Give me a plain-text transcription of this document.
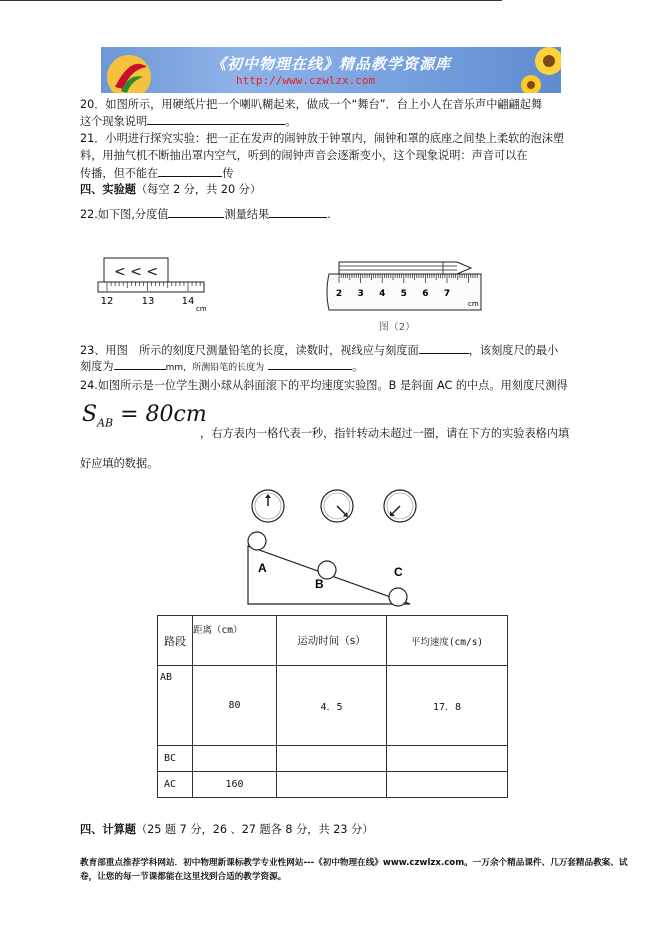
《初中物理在线》精品教学资源库
http://www.czwlzx.com
20．如图所示，用硬纸片把一个喇叭糊起来，做成一个“舞台”．台上小人在音乐声中翩翩起舞
这个现象说明	。
21．小明进行探究实验：把一正在发声的闹钟放于钟罩内，闹钟和罩的底座之间垫上柔软的泡沫塑
料，用抽气机不断抽出罩内空气，听到的闹钟声音会逐渐变小，这个现象说明：声音可以在
传播，但不能在	传
四、实验题（每空 2 分，共 20 分）
22.如下图,分度值	测量结果	.
< < <
12	13	14
cm
2 3 4 5 6 7
cm
图（2）
23、用图　所示的刻度尺测量铅笔的长度，读数时，视线应与刻度面	，该刻度尺的最小
刻度为	mm，所测铅笔的长度为	。
24.如图所示是一位学生测小球从斜面滚下的平均速度实验图。B 是斜面 AC 的中点。用刻度尺测得
$S_{AB} = 80cm$
，右方表内一格代表一秒，指针转动未超过一圈，请在下方的实验表格内填
好应填的数据。
A
B
C
路段	距离（cm）	运动时间（s）	平均速度(cm/s)
AB	80	4．5	17．8
BC			
AC	160		
四、计算题（25 题 7 分，26 、27 题各 8 分，共 23 分）
教育部重点推荐学科网站．初中物理新课标教学专业性网站---《初中物理在线》www.czwlzx.com。一万余个精品课件、几万套精品教案、试卷，让您的每一节课都能在这里找到合适的教学资源。
